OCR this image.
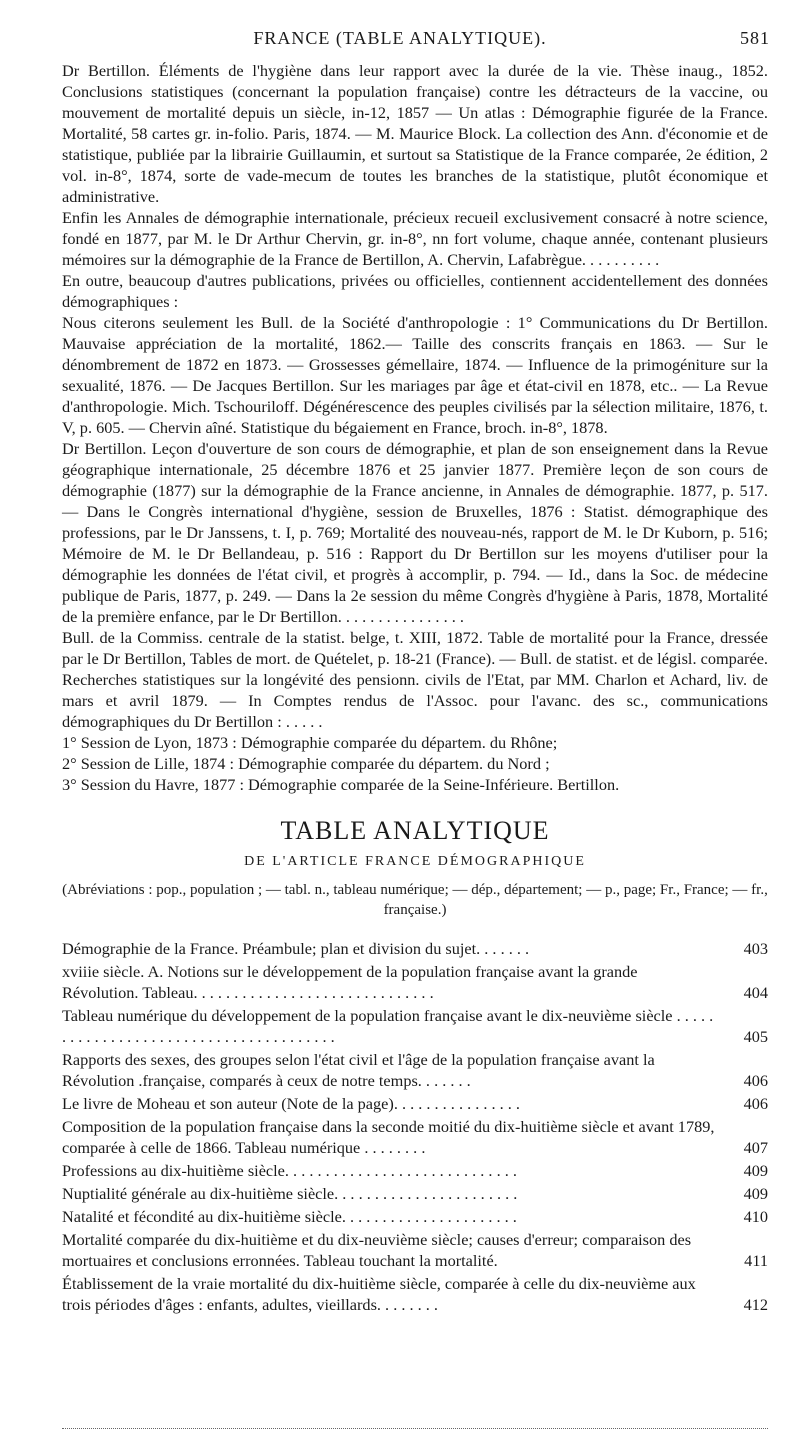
FRANCE (TABLE ANALYTIQUE).	581

Dr Bertillon. Éléments de l'hygiène dans leur rapport avec la durée de la vie. Thèse inaug., 1852. Conclusions statistiques (concernant la population française) contre les détracteurs de la vaccine, ou mouvement de mortalité depuis un siècle, in-12, 1857 — Un atlas : Démographie figurée de la France. Mortalité, 58 cartes gr. in-folio. Paris, 1874. — M. Maurice Block. La collection des Ann. d'économie et de statistique, publiée par la librairie Guillaumin, et surtout sa Statistique de la France comparée, 2e édition, 2 vol. in-8°, 1874, sorte de vade-mecum de toutes les branches de la statistique, plutôt économique et administrative.

Enfin les Annales de démographie internationale, précieux recueil exclusivement consacré à notre science, fondé en 1877, par M. le Dr Arthur Chervin, gr. in-8°, nn fort volume, chaque année, contenant plusieurs mémoires sur la démographie de la France de Bertillon, A. Chervin, Lafabrègue. . . . . . . . . .

En outre, beaucoup d'autres publications, privées ou officielles, contiennent accidentellement des données démographiques :

Nous citerons seulement les Bull. de la Société d'anthropologie : 1° Communications du Dr Bertillon. Mauvaise appréciation de la mortalité, 1862.— Taille des conscrits français en 1863. — Sur le dénombrement de 1872 en 1873. — Grossesses gémellaire, 1874. — Influence de la primogéniture sur la sexualité, 1876. — De Jacques Bertillon. Sur les mariages par âge et état-civil en 1878, etc.. — La Revue d'anthropologie. Mich. Tschouriloff. Dégénérescence des peuples civilisés par la sélection militaire, 1876, t. V, p. 605. — Chervin aîné. Statistique du bégaiement en France, broch. in-8°, 1878.

Dr Bertillon. Leçon d'ouverture de son cours de démographie, et plan de son enseignement dans la Revue géographique internationale, 25 décembre 1876 et 25 janvier 1877. Première leçon de son cours de démographie (1877) sur la démographie de la France ancienne, in Annales de démographie. 1877, p. 517. — Dans le Congrès international d'hygiène, session de Bruxelles, 1876 : Statist. démographique des professions, par le Dr Janssens, t. I, p. 769; Mortalité des nouveau-nés, rapport de M. le Dr Kuborn, p. 516; Mémoire de M. le Dr Bellandeau, p. 516 : Rapport du Dr Bertillon sur les moyens d'utiliser pour la démographie les données de l'état civil, et progrès à accomplir, p. 794. — Id., dans la Soc. de médecine publique de Paris, 1877, p. 249. — Dans la 2e session du même Congrès d'hygiène à Paris, 1878, Mortalité de la première enfance, par le Dr Bertillon. . . . . . . . . . . . . . . .

Bull. de la Commiss. centrale de la statist. belge, t. XIII, 1872. Table de mortalité pour la France, dressée par le Dr Bertillon, Tables de mort. de Quételet, p. 18-21 (France). — Bull. de statist. et de législ. comparée. Recherches statistiques sur la longévité des pensionn. civils de l'Etat, par MM. Charlon et Achard, liv. de mars et avril 1879. — In Comptes rendus de l'Assoc. pour l'avanc. des sc., communications démographiques du Dr Bertillon : . . . . .

1° Session de Lyon, 1873 : Démographie comparée du départem. du Rhône;

2° Session de Lille, 1874 : Démographie comparée du départem. du Nord ;

3° Session du Havre, 1877 : Démographie comparée de la Seine-Inférieure. Bertillon.

TABLE ANALYTIQUE
DE L'ARTICLE FRANCE DÉMOGRAPHIQUE
(Abréviations : pop., population ; — tabl. n., tableau numérique; — dép., département; — p., page; Fr., France; — fr., française.)
Démographie de la France. Préambule; plan et division du sujet. . . . . . .	403
xviiie siècle. A. Notions sur le développement de la population française avant la grande Révolution. Tableau. . . . . . . . . . . . . . . . . . . . . . . . . . . . . .	404
Tableau numérique du développement de la population française avant le dix-neuvième siècle . . . . . . . . . . . . . . . . . . . . . . . . . . . . . . . . . . . . . . .	405
Rapports des sexes, des groupes selon l'état civil et l'âge de la population française avant la Révolution .française, comparés à ceux de notre temps. . . . . . .	406
Le livre de Moheau et son auteur (Note de la page). . . . . . . . . . . . . . . .	406
Composition de la population française dans la seconde moitié du dix-huitième siècle et avant 1789, comparée à celle de 1866. Tableau numérique . . . . . . . .	407
Professions au dix-huitième siècle. . . . . . . . . . . . . . . . . . . . . . . . . . . . .	409
Nuptialité générale au dix-huitième siècle. . . . . . . . . . . . . . . . . . . . . . .	409
Natalité et fécondité au dix-huitième siècle. . . . . . . . . . . . . . . . . . . . . .	410
Mortalité comparée du dix-huitième et du dix-neuvième siècle; causes d'erreur; comparaison des mortuaires et conclusions erronnées. Tableau touchant la mortalité.	411
Établissement de la vraie mortalité du dix-huitième siècle, comparée à celle du dix-neuvième aux trois périodes d'âges : enfants, adultes, vieillards. . . . . . . .	412
